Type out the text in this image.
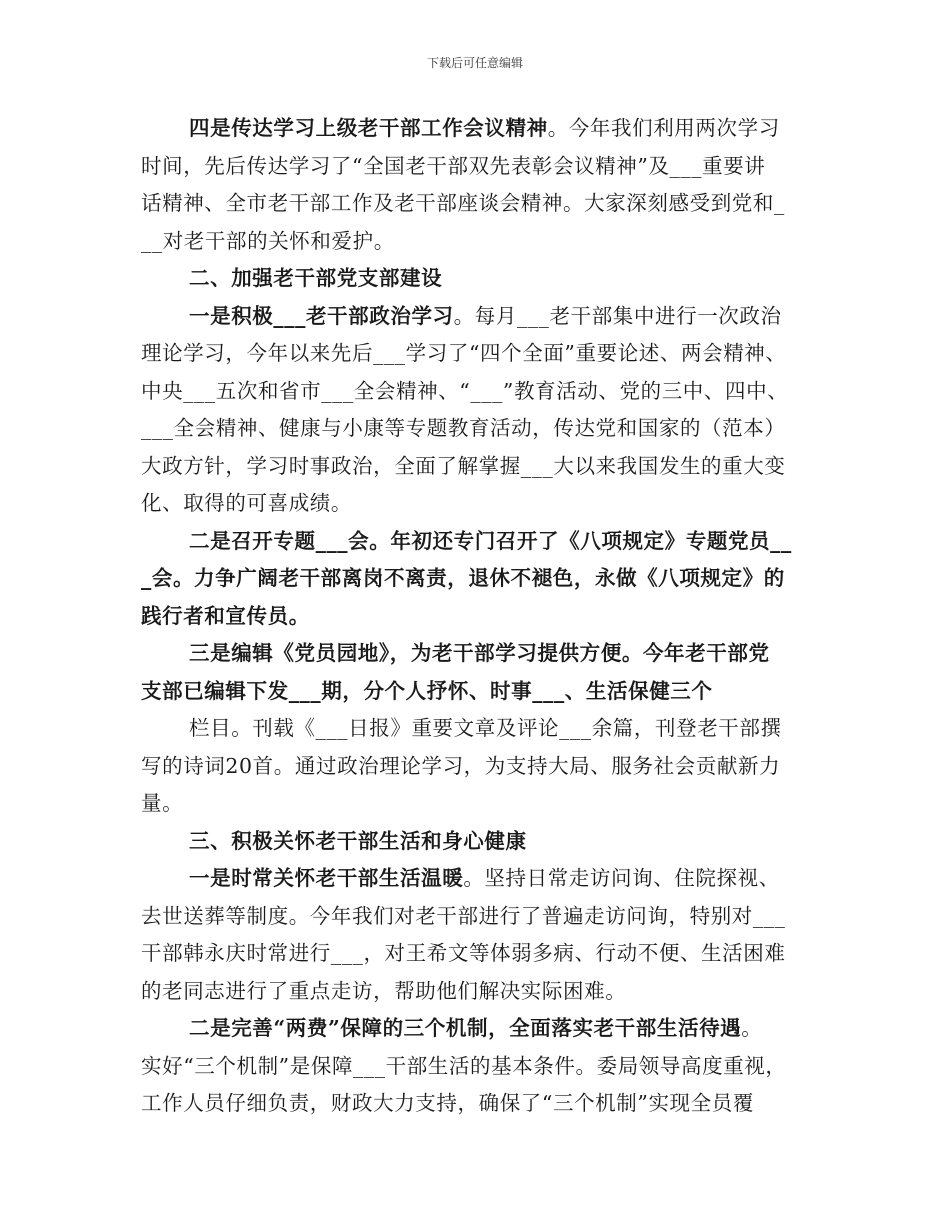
下载后可任意编辑
四是传达学习上级老干部工作会议精神。今年我们利用两次学习
时间，先后传达学习了“全国老干部双先表彰会议精神”及___重要讲
话精神、全市老干部工作及老干部座谈会精神。大家深刻感受到党和_
__对老干部的关怀和爱护。
二、加强老干部党支部建设
一是积极___老干部政治学习。每月___老干部集中进行一次政治
理论学习，今年以来先后___学习了“四个全面”重要论述、两会精神、
中央___五次和省市___全会精神、“___”教育活动、党的三中、四中、
___全会精神、健康与小康等专题教育活动，传达党和国家的（范本）
大政方针，学习时事政治，全面了解掌握___大以来我国发生的重大变
化、取得的可喜成绩。
二是召开专题___会。年初还专门召开了《八项规定》专题党员__
_会。力争广阔老干部离岗不离责，退休不褪色，永做《八项规定》的
践行者和宣传员。
三是编辑《党员园地》，为老干部学习提供方便。今年老干部党
支部已编辑下发___期，分个人抒怀、时事___、生活保健三个
栏目。刊载《___日报》重要文章及评论___余篇，刊登老干部撰
写的诗词20首。通过政治理论学习，为支持大局、服务社会贡献新力
量。
三、积极关怀老干部生活和身心健康
一是时常关怀老干部生活温暖。坚持日常走访问询、住院探视、
去世送葬等制度。今年我们对老干部进行了普遍走访问询，特别对___
干部韩永庆时常进行___，对王希文等体弱多病、行动不便、生活困难
的老同志进行了重点走访，帮助他们解决实际困难。
二是完善“两费”保障的三个机制，全面落实老干部生活待遇。
实好“三个机制”是保障___干部生活的基本条件。委局领导高度重视，
工作人员仔细负责，财政大力支持，确保了“三个机制”实现全员覆
